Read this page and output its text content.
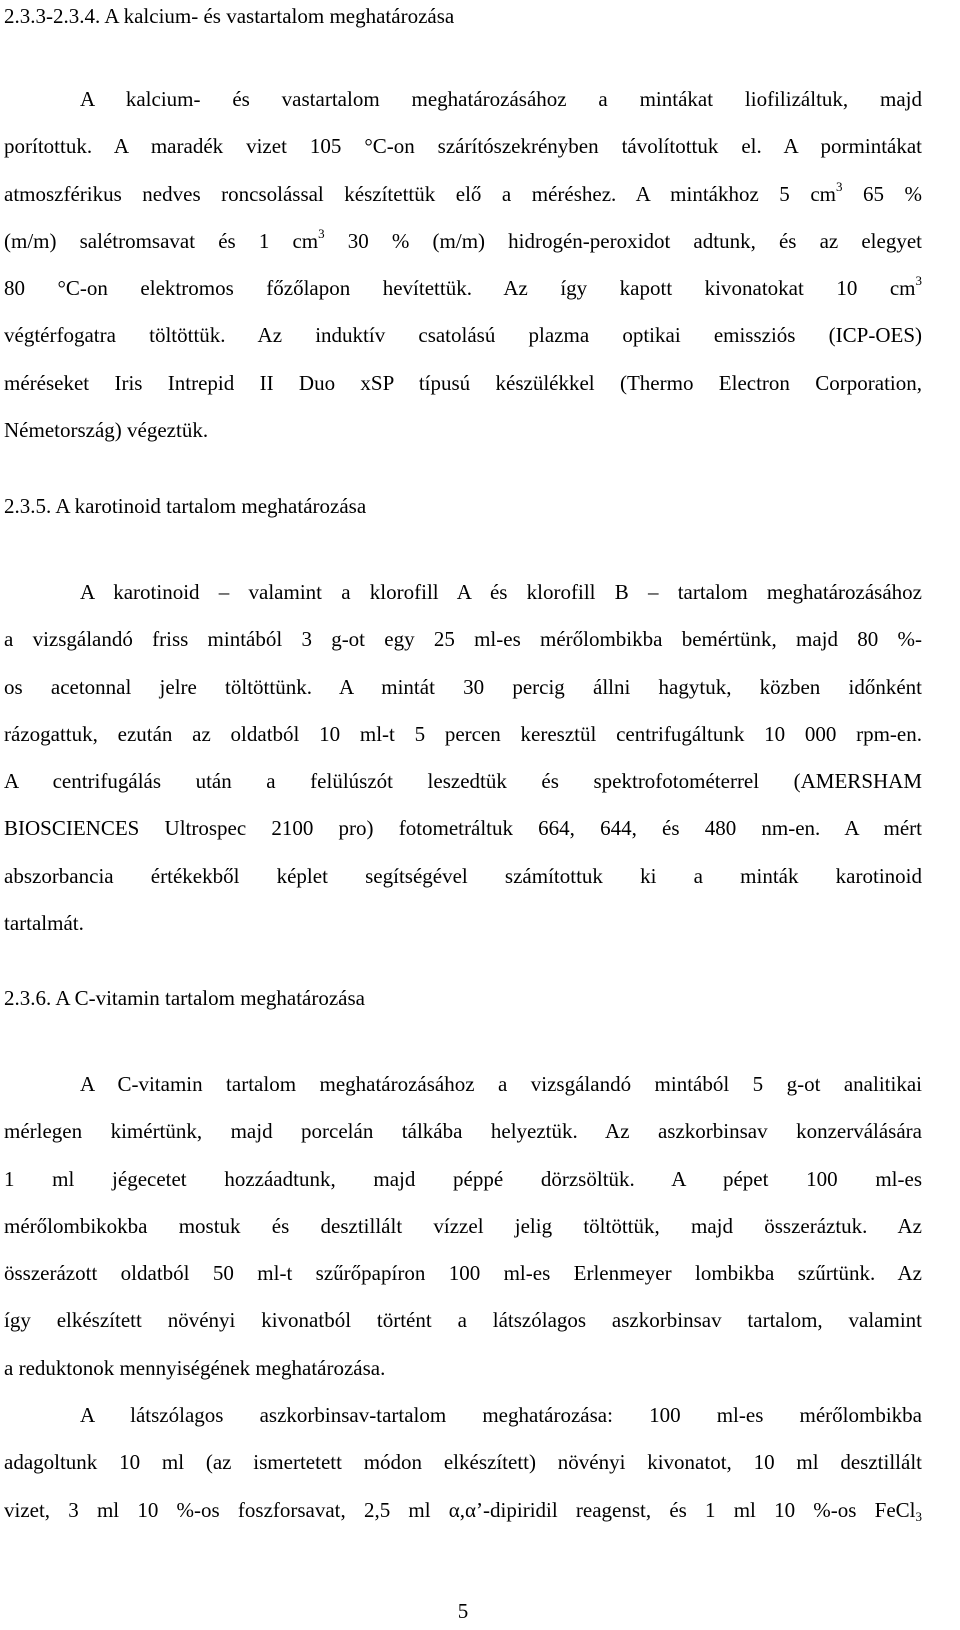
2.3.3-2.3.4. A kalcium- és vastartalom meghatározása
A kalcium- és vastartalom meghatározásához a mintákat liofilizáltuk, majd
porítottuk. A maradék vizet 105 °C-on szárítószekrényben távolítottuk el. A pormintákat
atmoszférikus nedves roncsolással készítettük elő a méréshez. A mintákhoz 5 $cm^3$ 65 %
(m/m) salétromsavat és 1 $cm^3$ 30 % (m/m) hidrogén-peroxidot adtunk, és az elegyet
80 °C-on elektromos főzőlapon hevítettük. Az így kapott kivonatokat 10 $cm^3$
végtérfogatra töltöttük. Az induktív csatolású plazma optikai emissziós (ICP-OES)
méréseket Iris Intrepid II Duo xSP típusú készülékkel (Thermo Electron Corporation,
Németország) végeztük.
2.3.5. A karotinoid tartalom meghatározása
A karotinoid – valamint a klorofill A és klorofill B – tartalom meghatározásához
a vizsgálandó friss mintából 3 g-ot egy 25 ml-es mérőlombikba bemértünk, majd 80 %-
os acetonnal jelre töltöttünk. A mintát 30 percig állni hagytuk, közben időnként
rázogattuk, ezután az oldatból 10 ml-t 5 percen keresztül centrifugáltunk 10 000 rpm-en.
A centrifugálás után a felülúszót leszedtük és spektrofotométerrel (AMERSHAM
BIOSCIENCES Ultrospec 2100 pro) fotometráltuk 664, 644, és 480 nm-en. A mért
abszorbancia értékekből képlet segítségével számítottuk ki a minták karotinoid
tartalmát.
2.3.6. A C-vitamin tartalom meghatározása
A C-vitamin tartalom meghatározásához a vizsgálandó mintából 5 g-ot analitikai
mérlegen kimértünk, majd porcelán tálkába helyeztük. Az aszkorbinsav konzerválására
1 ml jégecetet hozzáadtunk, majd péppé dörzsöltük. A pépet 100 ml-es
mérőlombikokba mostuk és desztillált vízzel jelig töltöttük, majd összeráztuk. Az
összerázott oldatból 50 ml-t szűrőpapíron 100 ml-es Erlenmeyer lombikba szűrtünk. Az
így elkészített növényi kivonatból történt a látszólagos aszkorbinsav tartalom, valamint
a reduktonok mennyiségének meghatározása.
A látszólagos aszkorbinsav-tartalom meghatározása: 100 ml-es mérőlombikba
adagoltunk 10 ml (az ismertetett módon elkészített) növényi kivonatot, 10 ml desztillált
vizet, 3 ml 10 %-os foszforsavat, 2,5 ml α,α’-dipiridil reagenst, és 1 ml 10 %-os FeCl$_3$
5
